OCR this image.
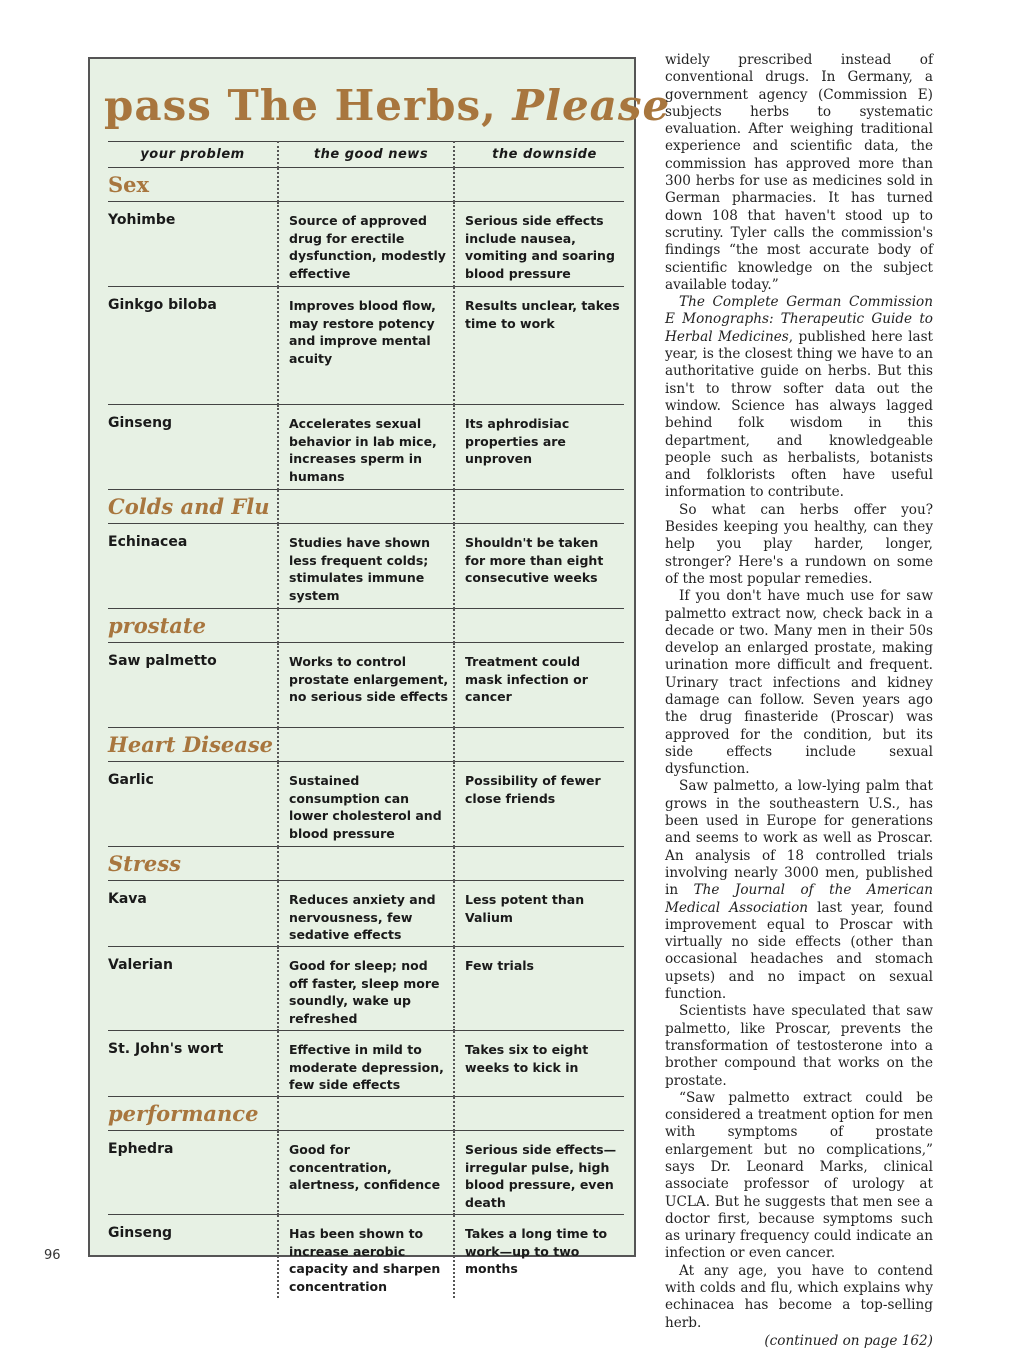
pass The Herbs, Please
your problem	the good news	the downside

Sex		

Yohimbe	Source of approved drug for erectile dysfunction, modestly effective	Serious side effects include nausea, vomiting and soaring blood pressure

Ginkgo biloba	Improves blood flow, may restore potency and improve mental acuity	Results unclear, takes time to work

Ginseng	Accelerates sexual behavior in lab mice, increases sperm in humans	Its aphrodisiac properties are unproven

Colds and Flu		

Echinacea	Studies have shown less frequent colds; stimulates immune system	Shouldn't be taken for more than eight consecutive weeks

prostate		

Saw palmetto	Works to control prostate enlargement, no serious side effects	Treatment could mask infection or cancer

Heart Disease		

Garlic	Sustained consumption can lower cholesterol and blood pressure	Possibility of fewer close friends

Stress		

Kava	Reduces anxiety and nervousness, few sedative effects	Less potent than Valium

Valerian	Good for sleep; nod off faster, sleep more soundly, wake up refreshed	Few trials

St. John's wort	Effective in mild to moderate depression, few side effects	Takes six to eight weeks to kick in

performance		

Ephedra	Good for concentration, alertness, confidence	Serious side effects—irregular pulse, high blood pressure, even death

Ginseng	Has been shown to increase aerobic capacity and sharpen concentration	Takes a long time to work—up to two months

widely prescribed instead of conventional drugs. In Germany, a government agency (Commission E) subjects herbs to systematic evaluation. After weighing traditional experience and scientific data, the commission has approved more than 300 herbs for use as medicines sold in German pharmacies. It has turned down 108 that haven't stood up to scrutiny. Tyler calls the commission's findings “the most accurate body of scientific knowledge on the subject available today.”

The Complete German Commission E Monographs: Therapeutic Guide to Herbal Medicines, published here last year, is the closest thing we have to an authoritative guide on herbs. But this isn't to throw softer data out the window. Science has always lagged behind folk wisdom in this department, and knowledgeable people such as herbalists, botanists and folklorists often have useful information to contribute.

So what can herbs offer you? Besides keeping you healthy, can they help you play harder, longer, stronger? Here's a rundown on some of the most popular remedies.

If you don't have much use for saw palmetto extract now, check back in a decade or two. Many men in their 50s develop an enlarged prostate, making urination more difficult and frequent. Urinary tract infections and kidney damage can follow. Seven years ago the drug finasteride (Proscar) was approved for the condition, but its side effects include sexual dysfunction.

Saw palmetto, a low-lying palm that grows in the southeastern U.S., has been used in Europe for generations and seems to work as well as Proscar. An analysis of 18 controlled trials involving nearly 3000 men, published in The Journal of the American Medical Association last year, found improvement equal to Proscar with virtually no side effects (other than occasional headaches and stomach upsets) and no impact on sexual function.

Scientists have speculated that saw palmetto, like Proscar, prevents the transformation of testosterone into a brother compound that works on the prostate.

“Saw palmetto extract could be considered a treatment option for men with symptoms of prostate enlargement but no complications,” says Dr. Leonard Marks, clinical associate professor of urology at UCLA. But he suggests that men see a doctor first, because symptoms such as urinary frequency could indicate an infection or even cancer.

At any age, you have to contend with colds and flu, which explains why echinacea has become a top-selling herb.

(continued on page 162)

96
